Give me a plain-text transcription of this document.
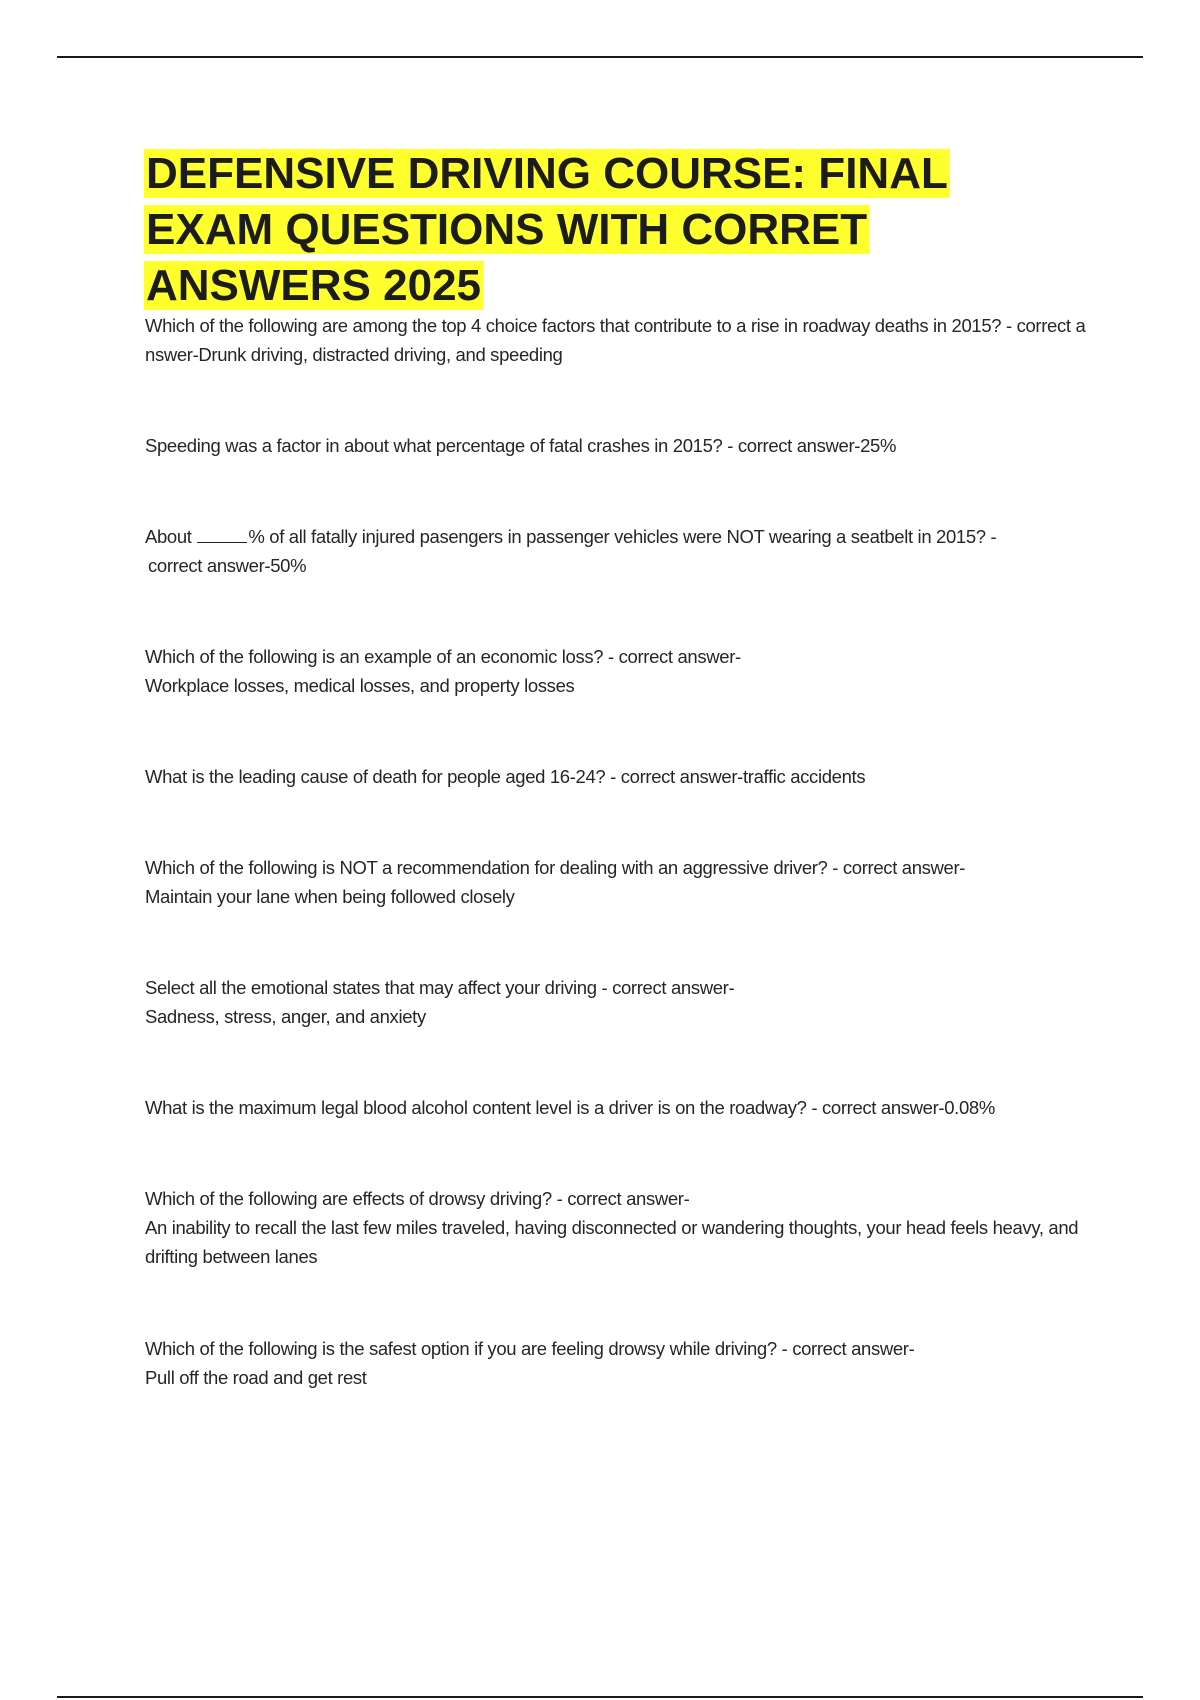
DEFENSIVE DRIVING COURSE: FINAL EXAM QUESTIONS WITH CORRET ANSWERS 2025

Which of the following are among the top 4 choice factors that contribute to a rise in roadway deaths in 2015? - correct answer-Drunk driving, distracted driving, and speeding

Speeding was a factor in about what percentage of fatal crashes in 2015? - correct answer-25%

About	% of all fatally injured pasengers in passenger vehicles were NOT wearing a seatbelt in 2015? -
correct answer-50%

Which of the following is an example of an economic loss? - correct answer-
Workplace losses, medical losses, and property losses

What is the leading cause of death for people aged 16-24? - correct answer-traffic accidents

Which of the following is NOT a recommendation for dealing with an aggressive driver? - correct answer-
Maintain your lane when being followed closely

Select all the emotional states that may affect your driving - correct answer-
Sadness, stress, anger, and anxiety

What is the maximum legal blood alcohol content level is a driver is on the roadway? - correct answer-0.08%

Which of the following are effects of drowsy driving? - correct answer-
An inability to recall the last few miles traveled, having disconnected or wandering thoughts, your head feels heavy, and drifting between lanes

Which of the following is the safest option if you are feeling drowsy while driving? - correct answer-
Pull off the road and get rest
